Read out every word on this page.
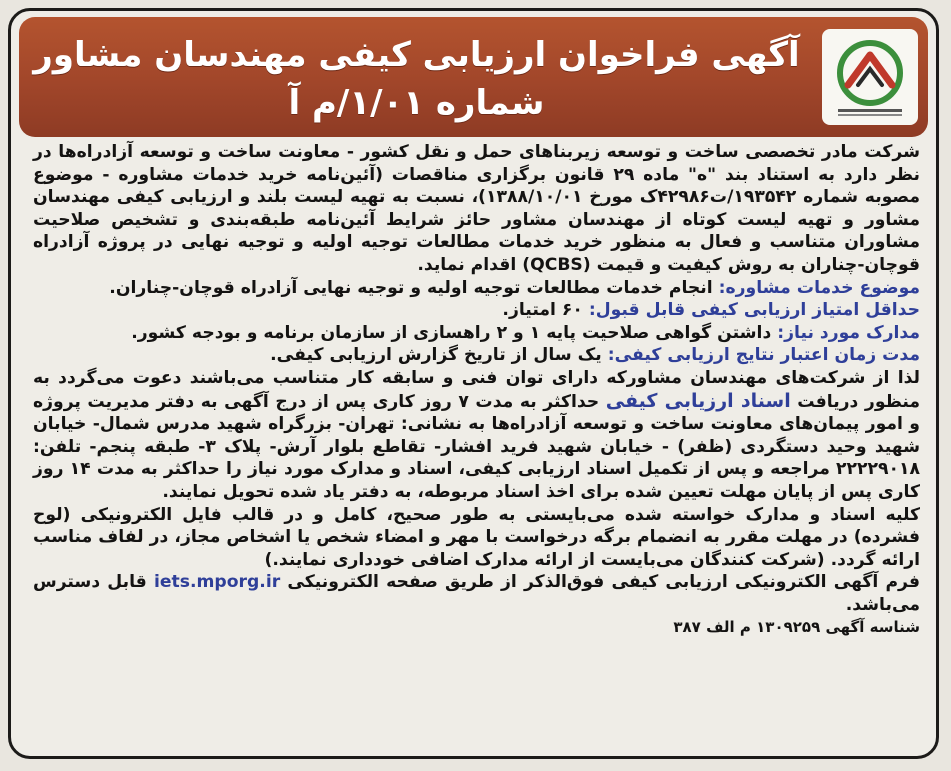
آگهی فراخوان ارزیابی کیفی مهندسان مشاور
شماره ۱/۰۱/م آ

شرکت مادر تخصصی ساخت و توسعه زیربناهای حمل و نقل کشور - معاونت ساخت و توسعه آزادراه‌ها در نظر دارد به استناد بند "ه" ماده ۲۹ قانون برگزاری مناقصات (آئین‌نامه خرید خدمات مشاوره - موضوع مصوبه شماره ۱۹۳۵۴۲/ت۴۲۹۸۶ک مورخ ۱۳۸۸/۱۰/۰۱)، نسبت به تهیه لیست بلند و ارزیابی کیفی مهندسان مشاور و تهیه لیست کوتاه از مهندسان مشاور حائز شرایط آئین‌نامه طبقه‌بندی و تشخیص صلاحیت مشاوران متناسب و فعال به منظور خرید خدمات مطالعات توجیه اولیه و توجیه نهایی در پروژه آزادراه قوچان-چناران به روش کیفیت و قیمت (QCBS) اقدام نماید.

موضوع خدمات مشاوره: انجام خدمات مطالعات توجیه اولیه و توجیه نهایی آزادراه قوچان-چناران.
حداقل امتیاز ارزیابی کیفی قابل قبول: ۶۰ امتیاز.
مدارک مورد نیاز: داشتن گواهی صلاحیت پایه ۱ و ۲ راهسازی از سازمان برنامه و بودجه کشور.
مدت زمان اعتبار نتایج ارزیابی کیفی: یک سال از تاریخ گزارش ارزیابی کیفی.

لذا از شرکت‌های مهندسان مشاورکه دارای توان فنی و سابقه کار متناسب می‌باشند دعوت می‌گردد به منظور دریافت اسناد ارزیابی کیفی حداکثر به مدت ۷ روز کاری پس از درج آگهی به دفتر مدیریت پروژه و امور پیمان‌های معاونت ساخت و توسعه آزادراه‌ها به نشانی: تهران- بزرگراه شهید مدرس شمال- خیابان شهید وحید دستگردی (ظفر) - خیابان شهید فرید افشار- تقاطع بلوار آرش- پلاک ۳- طبقه پنجم- تلفن: ۲۲۲۲۹۰۱۸ مراجعه و پس از تکمیل اسناد ارزیابی کیفی، اسناد و مدارک مورد نیاز را حداکثر به مدت ۱۴ روز کاری پس از پایان مهلت تعیین شده برای اخذ اسناد مربوطه، به دفتر یاد شده تحویل نمایند.

کلیه اسناد و مدارک خواسته شده می‌بایستی به طور صحیح، کامل و در قالب فایل الکترونیکی (لوح فشرده) در مهلت مقرر به انضمام برگه درخواست با مهر و امضاء شخص یا اشخاص مجاز، در لفاف مناسب ارائه گردد. (شرکت کنندگان می‌بایست از ارائه مدارک اضافی خودداری نمایند.)

فرم آگهی الکترونیکی ارزیابی کیفی فوق‌الذکر از طریق صفحه الکترونیکی iets.mporg.ir قابل دسترس می‌باشد.

شناسه آگهی ۱۳۰۹۲۵۹ م الف ۳۸۷
